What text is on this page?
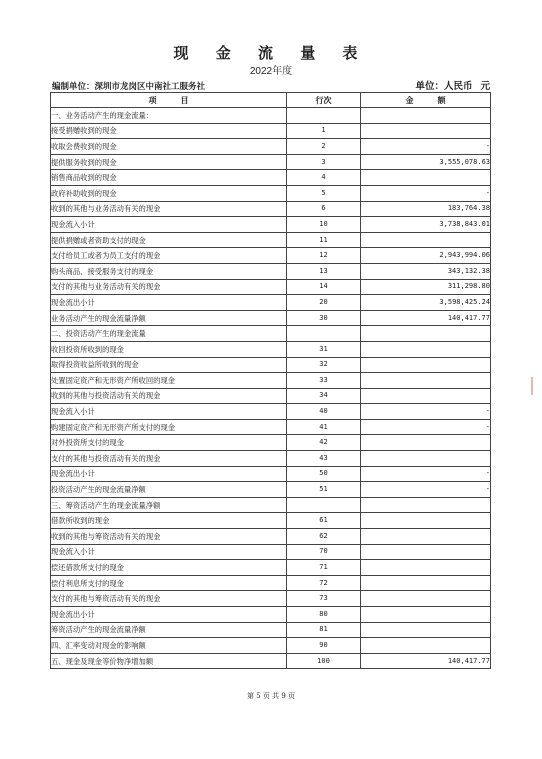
现 金 流 量 表
2022年度
编制单位：深圳市龙岗区中南社工服务社	单位：人民币 元
项　　　目	行次	金　　　额
一、业务活动产生的现金流量：		
接受捐赠收到的现金	1	
收取会费收到的现金	2	-
提供服务收到的现金	3	3,555,078.63
销售商品收到的现金	4	
政府补助收到的现金	5	-
收到的其他与业务活动有关的现金	6	183,764.38
现金流入小计	10	3,738,843.01
提供捐赠或者资助支付的现金	11	
支付给员工或者为员工支付的现金	12	2,943,994.06
购头商品、接受服务支付的现金	13	343,132.38
支付的其他与业务活动有关的现金	14	311,298.80
现金流出小计	20	3,598,425.24
业务活动产生的现金流量净额	30	140,417.77
二、投资活动产生的现金流量		
收回投资所收到的现金	31	
取得投资收益所收到的现金	32	
处置固定资产和无形资产所收回的现金	33	
收到的其他与投资活动有关的现金	34	
现金流入小计	40	-
购建固定资产和无形资产所支付的现金	41	-
对外投资所支付的现金	42	
支付的其他与投资活动有关的现金	43	
现金流出小计	50	-
投资活动产生的现金流量净额	51	-
三、筹资活动产生的现金流量净额		
借款所收到的现金	61	
收到的其他与筹资活动有关的现金	62	
现金流入小计	70	
偿还借款所支付的现金	71	
偿付利息所支付的现金	72	
支付的其他与筹资活动有关的现金	73	
现金流出小计	80	
筹资活动产生的现金流量净额	81	
四、汇率变动对现金的影响额	90	
五、现金及现金等价物净增加额	100	140,417.77
第 5 页 共 9 页
